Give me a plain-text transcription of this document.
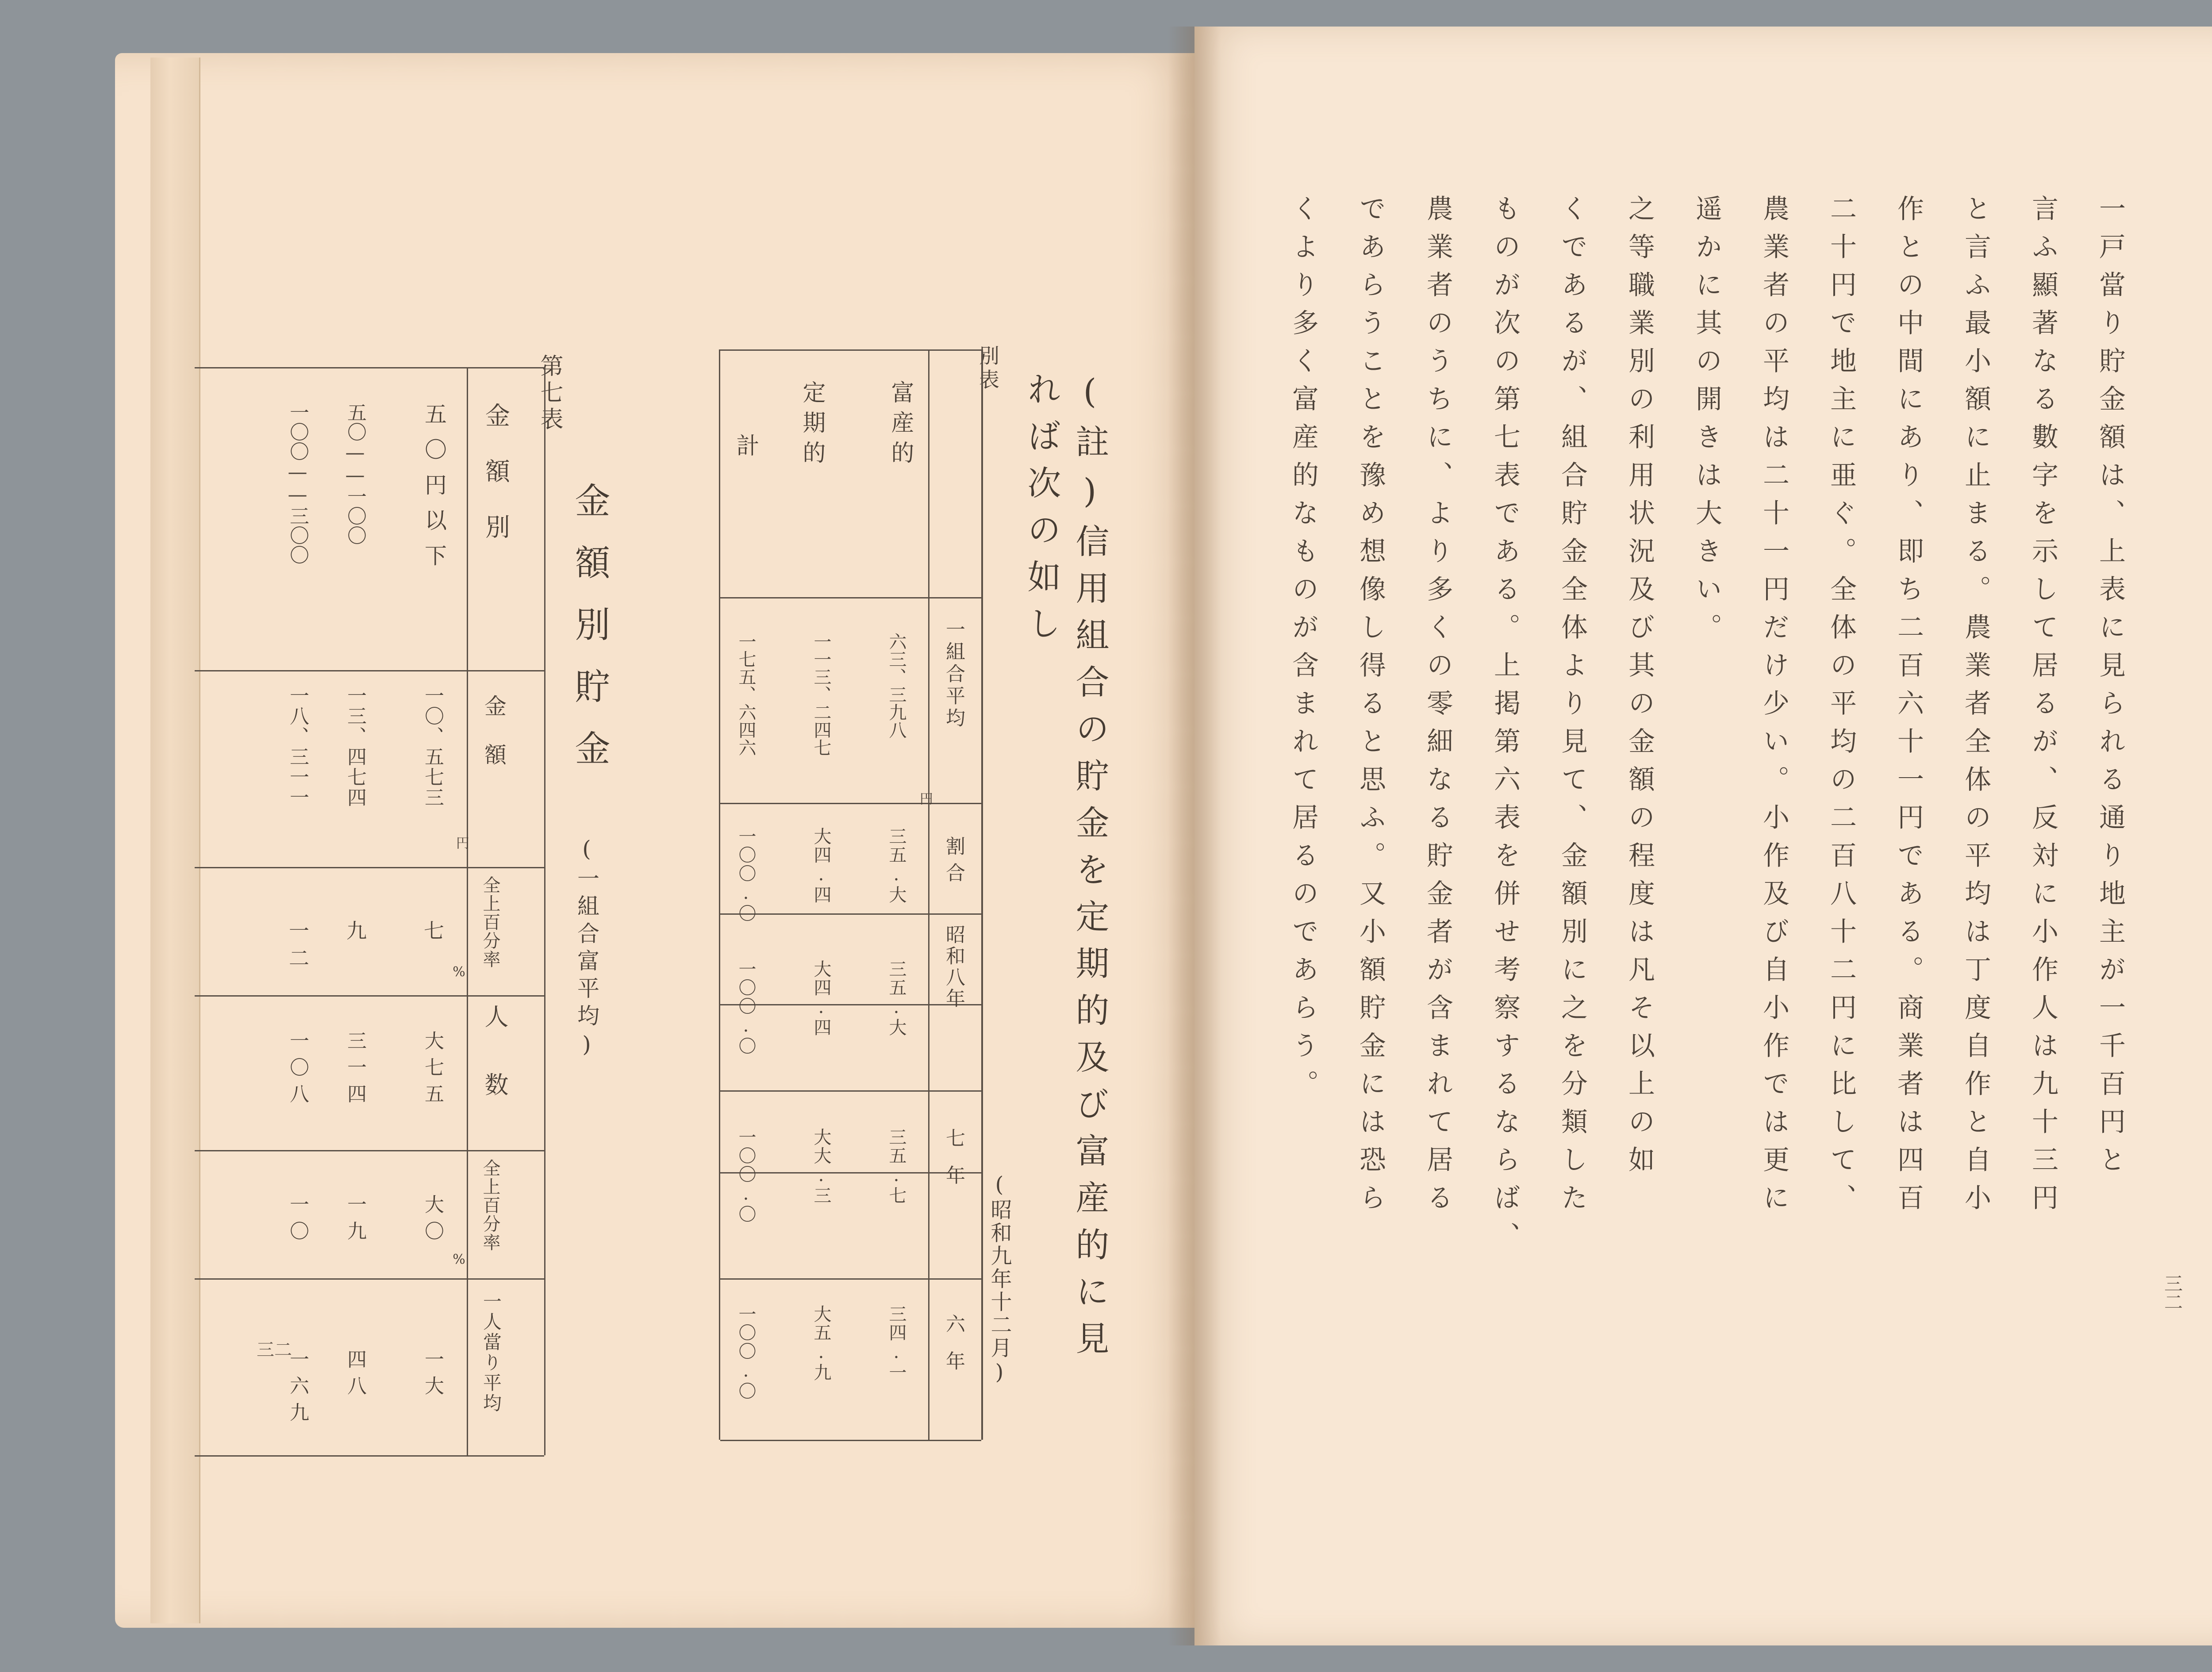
別表
(註)信用組合の貯金を定期的及び富産的に見れば次の如し
(昭和九年十二月)
富産的
定期的
計
一組合平均
割合
昭和八年
七年
六年
円
六三、三九八
一一三、二四七
一七五、六四六
三五.大
大四.四
一〇〇.〇
三五.大
大四.四
一〇〇.〇
三五.七
大大.三
一〇〇.〇
三四.一
大五.九
一〇〇.〇
第七表
金額別貯金
(一組合富平均)
金額別
金額
全上百分率
人数
全上百分率
一人當り平均
五〇円以下
一〇、五七三
七
大七五
大〇
一大
五〇——一〇〇
一三、四七四
九
三一四
一九
四八
一〇〇——三〇〇
一八、三一一
一二
一〇八
一〇
一六九
円
%
%
三二
一戸當り貯金額は、上表に見られる通り地主が一千百円と
言ふ顯著なる數字を示して居るが、反対に小作人は九十三円
と言ふ最小額に止まる。農業者全体の平均は丁度自作と自小
作との中間にあり、即ち二百六十一円である。商業者は四百
二十円で地主に亜ぐ。全体の平均の二百八十二円に比して、
農業者の平均は二十一円だけ少い。小作及び自小作では更に
遥かに其の開きは大きい。
之等職業別の利用状況及び其の金額の程度は凡そ以上の如
くであるが、組合貯金全体より見て、金額別に之を分類した
ものが次の第七表である。上掲第六表を併せ考察するならば、
農業者のうちに、より多くの零細なる貯金者が含まれて居る
であらうことを豫め想像し得ると思ふ。又小額貯金には恐ら
くより多く富産的なものが含まれて居るのであらう。
三二
